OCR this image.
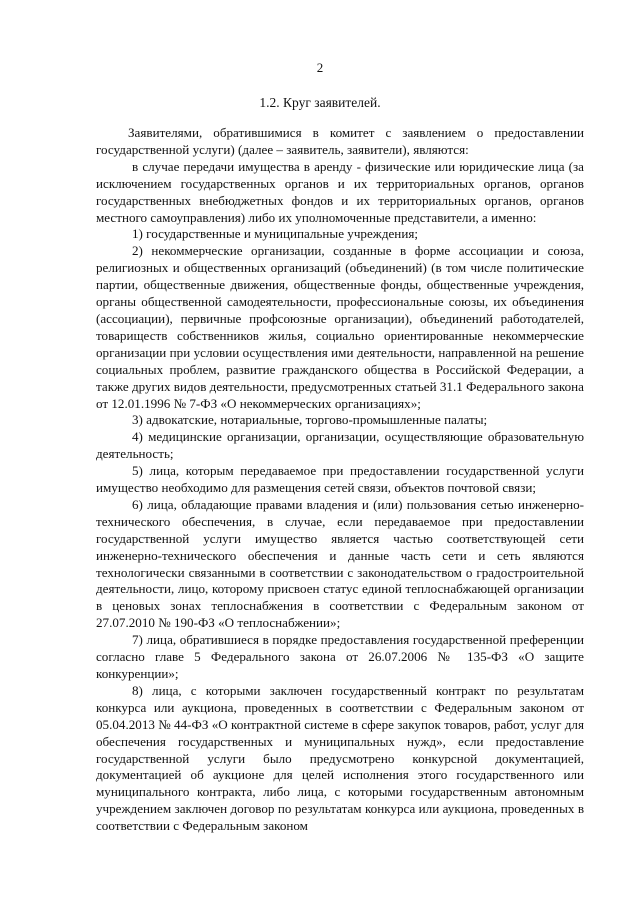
2
1.2. Круг заявителей.

Заявителями, обратившимися в комитет с заявлением о предоставлении государственной услуги) (далее – заявитель, заявители), являются:

в случае передачи имущества в аренду - физические или юридические лица (за исключением государственных органов и их территориальных органов, органов государственных внебюджетных фондов и их территориальных органов, органов местного самоуправления) либо их уполномоченные представители, а именно:

1) государственные и муниципальные учреждения;

2) некоммерческие организации, созданные в форме ассоциации и союза, религиозных и общественных организаций (объединений) (в том числе политические партии, общественные движения, общественные фонды, общественные учреждения, органы общественной самодеятельности, профессиональные союзы, их объединения (ассоциации), первичные профсоюзные организации), объединений работодателей, товариществ собственников жилья, социально ориентированные некоммерческие организации при условии осуществления ими деятельности, направленной на решение социальных проблем, развитие гражданского общества в Российской Федерации, а также других видов деятельности, предусмотренных статьей 31.1 Федерального закона от 12.01.1996 № 7-ФЗ «О некоммерческих организациях»;

3) адвокатские, нотариальные, торгово-промышленные палаты;

4) медицинские организации, организации, осуществляющие образовательную деятельность;

5) лица, которым передаваемое при предоставлении государственной услуги имущество необходимо для размещения сетей связи, объектов почтовой связи;

6) лица, обладающие правами владения и (или) пользования сетью инженерно-технического обеспечения, в случае, если передаваемое при предоставлении государственной услуги имущество является частью соответствующей сети инженерно-технического обеспечения и данные часть сети и сеть являются технологически связанными в соответствии с законодательством о градостроительной деятельности, лицо, которому присвоен статус единой теплоснабжающей организации в ценовых зонах теплоснабжения в соответствии с Федеральным законом от 27.07.2010 № 190-ФЗ «О теплоснабжении»;

7) лица, обратившиеся в порядке предоставления государственной преференции согласно главе 5 Федерального закона от 26.07.2006 № 135-ФЗ «О защите конкуренции»;

8) лица, с которыми заключен государственный контракт по результатам конкурса или аукциона, проведенных в соответствии с Федеральным законом от 05.04.2013 № 44-ФЗ «О контрактной системе в сфере закупок товаров, работ, услуг для обеспечения государственных и муниципальных нужд», если предоставление государственной услуги было предусмотрено конкурсной документацией, документацией об аукционе для целей исполнения этого государственного или муниципального контракта, либо лица, с которыми государственным автономным учреждением заключен договор по результатам конкурса или аукциона, проведенных в соответствии с Федеральным законом
